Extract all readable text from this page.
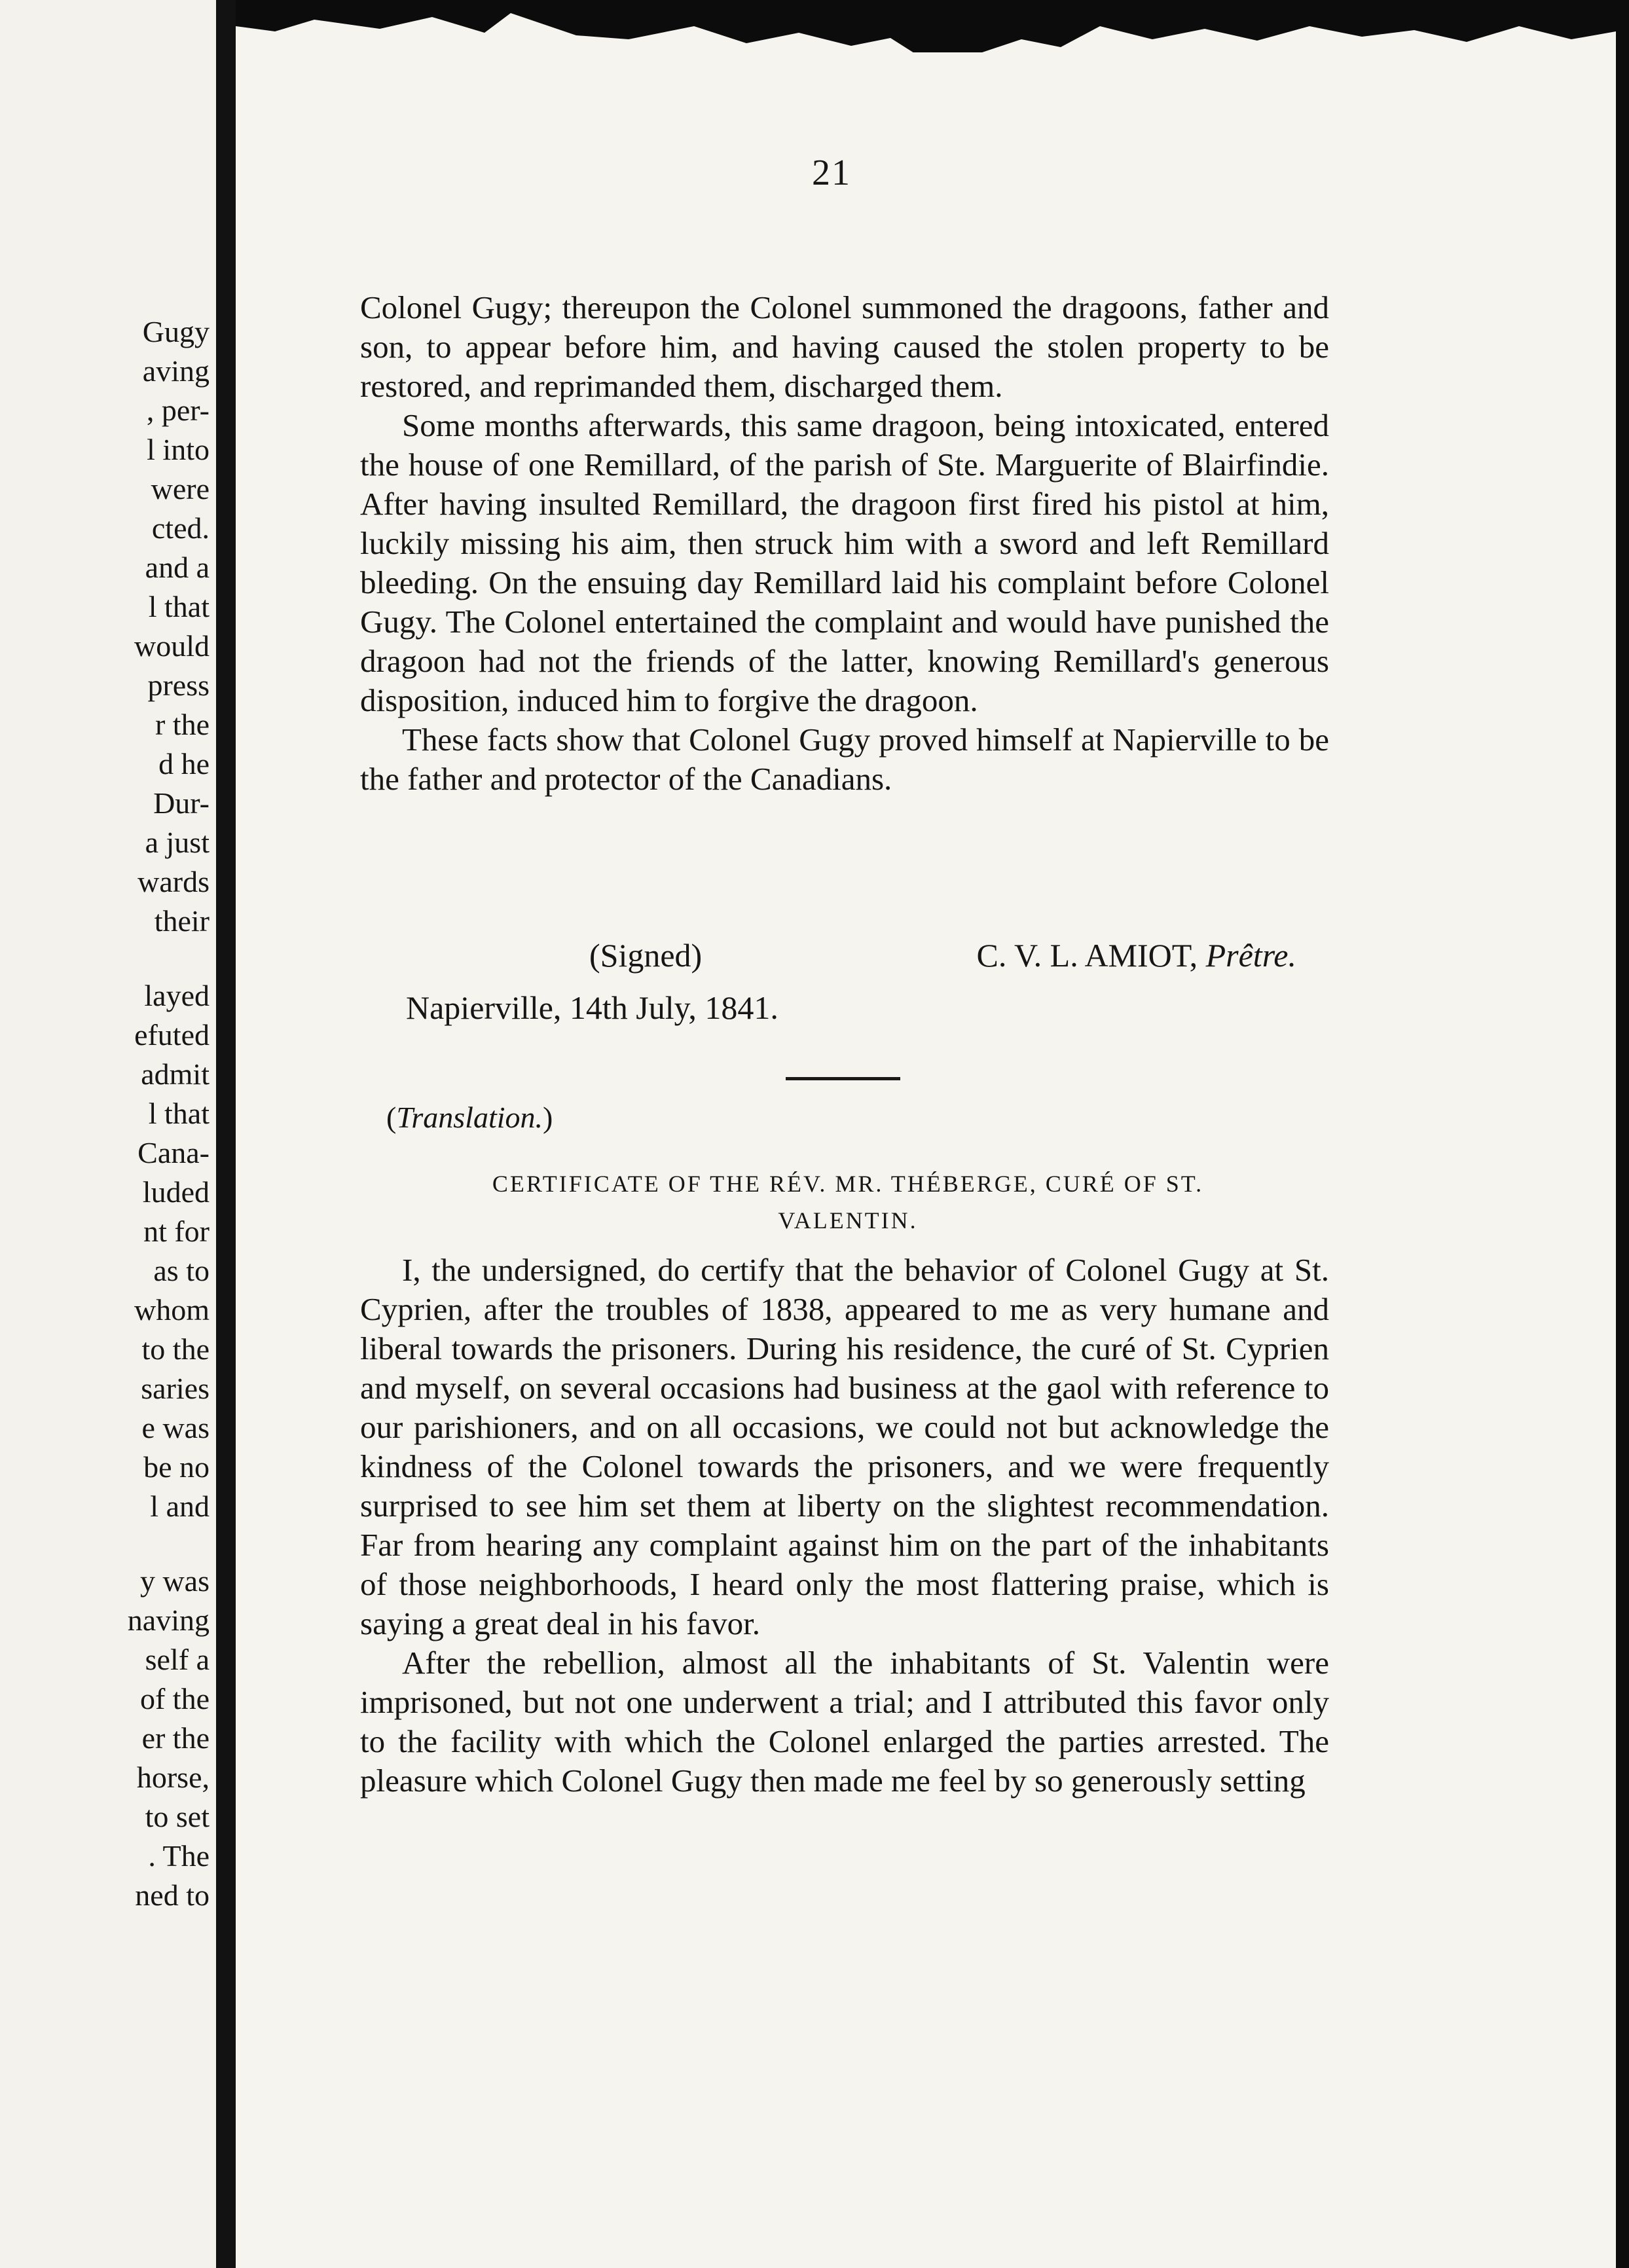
Gugy
aving
, per-
l into
were
cted.
and a
l that
would
press
r the
d he
Dur-
a just
wards
their
layed
efuted
admit
l that
Cana-
luded
nt for
as to
whom
to the
saries
e was
be no
l and
y was
naving
self a
of the
er the
horse,
to set
. The
ned to
21

Colonel Gugy; thereupon the Colonel summoned the dragoons, father and son, to appear before him, and having caused the stolen property to be restored, and reprimanded them, discharged them.

Some months afterwards, this same dragoon, being intoxicated, entered the house of one Remillard, of the parish of Ste. Marguerite of Blairfindie. After having insulted Remillard, the dragoon first fired his pistol at him, luckily missing his aim, then struck him with a sword and left Remillard bleeding. On the ensuing day Remillard laid his complaint before Colonel Gugy. The Colonel entertained the complaint and would have punished the dragoon had not the friends of the latter, knowing Remillard's generous disposition, induced him to forgive the dragoon.

These facts show that Colonel Gugy proved himself at Napierville to be the father and protector of the Canadians.

(Signed)	C. V. L. AMIOT, Prêtre.
Napierville, 14th July, 1841.
(Translation.)
CERTIFICATE OF THE RÉV. MR. THÉBERGE, CURÉ OF ST.
VALENTIN.

I, the undersigned, do certify that the behavior of Colonel Gugy at St. Cyprien, after the troubles of 1838, appeared to me as very humane and liberal towards the prisoners. During his residence, the curé of St. Cyprien and myself, on several occasions had business at the gaol with reference to our parishioners, and on all occasions, we could not but acknowledge the kindness of the Colonel towards the prisoners, and we were frequently surprised to see him set them at liberty on the slightest recommendation. Far from hearing any complaint against him on the part of the inhabitants of those neighborhoods, I heard only the most flattering praise, which is saying a great deal in his favor.

After the rebellion, almost all the inhabitants of St. Valentin were imprisoned, but not one underwent a trial; and I attributed this favor only to the facility with which the Colonel enlarged the parties arrested. The pleasure which Colonel Gugy then made me feel by so generously setting
